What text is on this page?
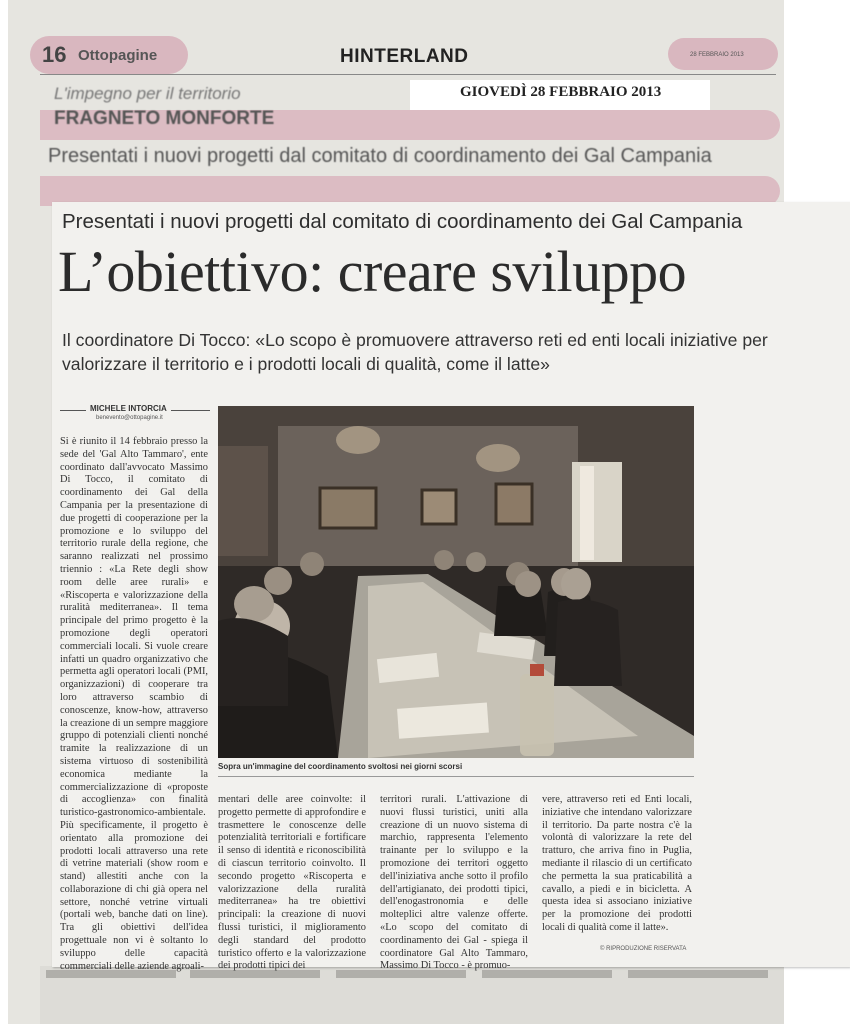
16 Ottopagine	HINTERLAND	28 FEBBRAIO 2013
GIOVEDÌ 28 FEBBRAIO 2013
L'impegno per il territorio
FRAGNETO MONFORTE
Presentati i nuovi progetti dal comitato di coordinamento dei Gal Campania
Presentati i nuovi progetti dal comitato di coordinamento dei Gal Campania
L’obiettivo: creare sviluppo
Il coordinatore Di Tocco: «Lo scopo è promuovere attraverso reti ed enti locali iniziative per valorizzare il territorio e i prodotti locali di qualità, come il latte»
MICHELE INTORCIA
benevento@ottopagine.it
Si è riunito il 14 febbraio presso la sede del 'Gal Alto Tammaro', ente coordinato dall'avvocato Massimo Di Tocco, il comitato di coordinamento dei Gal della Campania per la presentazione di due progetti di cooperazione per la promozione e lo sviluppo del territorio rurale della regione, che saranno realizzati nel prossimo triennio : «La Rete degli show room delle aree rurali» e «Riscoperta e valorizzazione della ruralità mediterranea». Il tema principale del primo progetto è la promozione degli operatori commerciali locali. Si vuole creare infatti un quadro organizzativo che permetta agli operatori locali (PMI, organizzazioni) di cooperare tra loro attraverso scambio di conoscenze, know-how, attraverso la creazione di un sempre maggiore gruppo di potenziali clienti nonché tramite la realizzazione di un sistema virtuoso di sostenibilità economica mediante la commercializzazione di «proposte di accoglienza» con finalità turistico-gastronomico-ambientale. Più specificamente, il progetto è orientato alla promozione dei prodotti locali attraverso una rete di vetrine materiali (show room e stand) allestiti anche con la collaborazione di chi già opera nel settore, nonché vetrine virtuali (portali web, banche dati on line). Tra gli obiettivi dell'idea progettuale non vi è soltanto lo sviluppo delle capacità commerciali delle aziende agroali-
Sopra un'immagine del coordinamento svoltosi nei giorni scorsi
mentari delle aree coinvolte: il progetto permette di approfondire e trasmettere le conoscenze delle potenzialità territoriali e fortificare il senso di identità e riconoscibilità di ciascun territorio coinvolto. Il secondo progetto «Riscoperta e valorizzazione della ruralità mediterranea» ha tre obiettivi principali: la creazione di nuovi flussi turistici, il miglioramento degli standard del prodotto turistico offerto e la valorizzazione dei prodotti tipici dei
territori rurali. L'attivazione di nuovi flussi turistici, uniti alla creazione di un nuovo sistema di marchio, rappresenta l'elemento trainante per lo sviluppo e la promozione dei territori oggetto dell'iniziativa anche sotto il profilo dell'artigianato, dei prodotti tipici, dell'enogastronomia e delle molteplici altre valenze offerte. «Lo scopo del comitato di coordinamento dei Gal - spiega il coordinatore Gal Alto Tammaro, Massimo Di Tocco - è promuo-
vere, attraverso reti ed Enti locali, iniziative che intendano valorizzare il territorio. Da parte nostra c'è la volontà di valorizzare la rete del tratturo, che arriva fino in Puglia, mediante il rilascio di un certificato che permetta la sua praticabilità a cavallo, a piedi e in bicicletta. A questa idea si associano iniziative per la promozione dei prodotti locali di qualità come il latte».
© RIPRODUZIONE RISERVATA
